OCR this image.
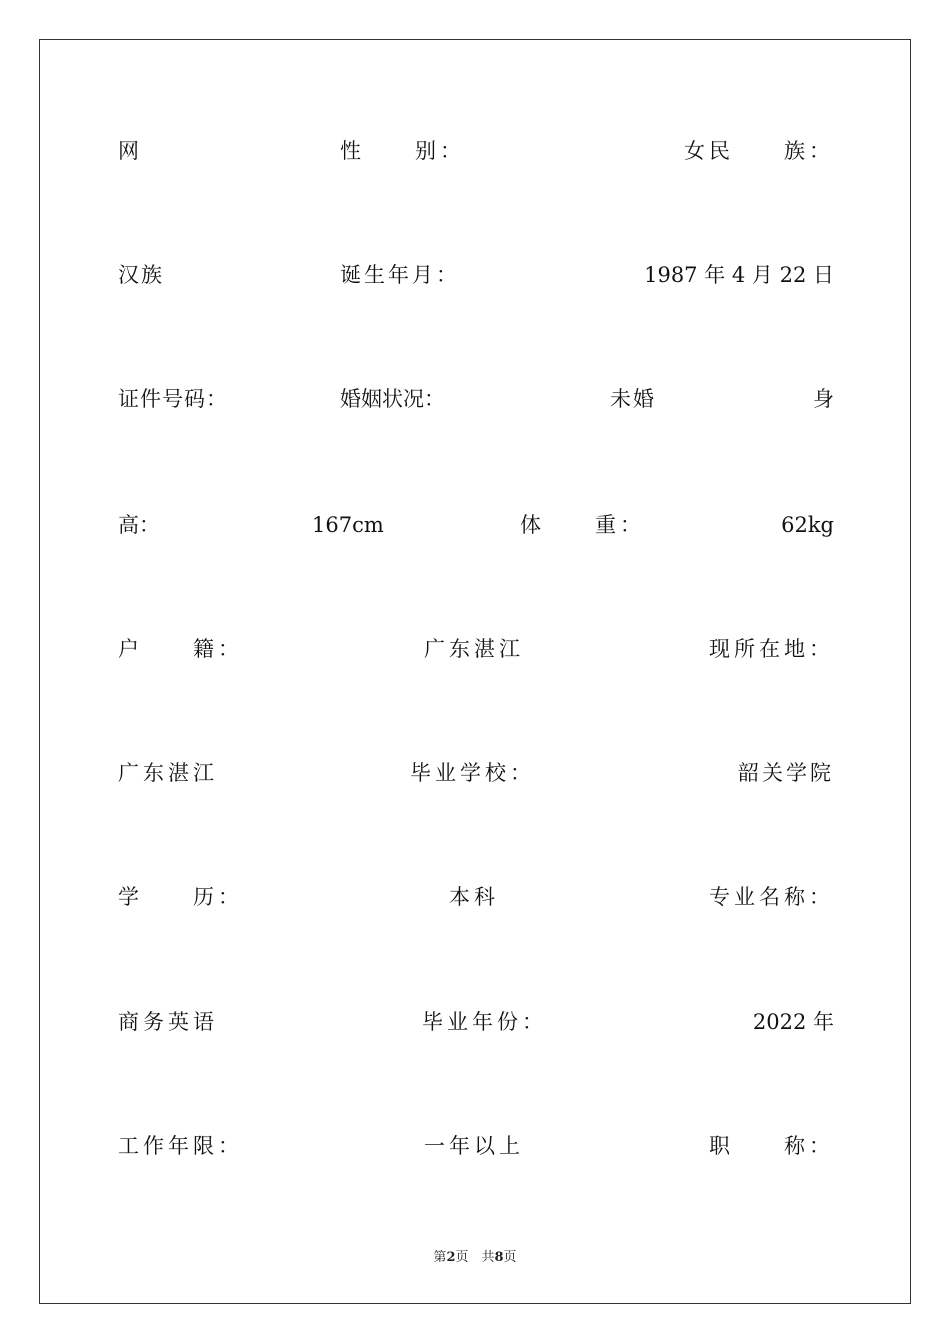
网	性　　别：	女民　　族：
汉族	诞生年月：	1987 年 4 月 22 日
证件号码：	婚姻状况：	未婚	身
高：	167cm	体　　重：	62kg
户　　籍：	广东湛江	现所在地：
广东湛江	毕业学校：	韶关学院
学　　历：	本科	专业名称：
商务英语	毕业年份：	2022 年
工作年限：	一年以上	职　　称：
第2页　共8页
